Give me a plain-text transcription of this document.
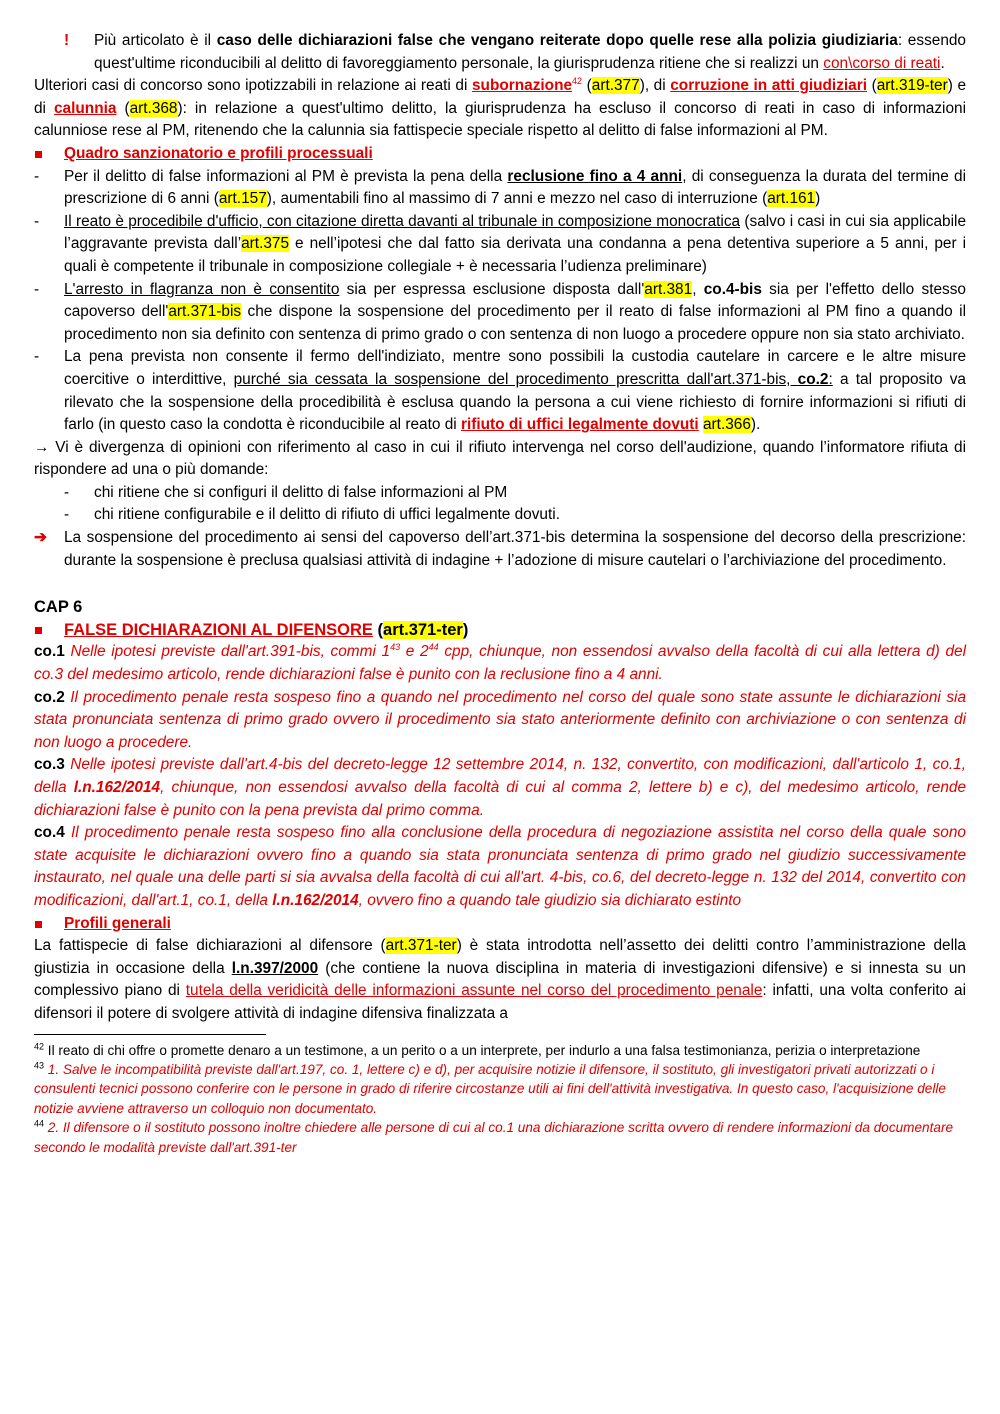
! Più articolato è il caso delle dichiarazioni false che vengano reiterate dopo quelle rese alla polizia giudiziaria: essendo quest'ultime riconducibili al delitto di favoreggiamento personale, la giurisprudenza ritiene che si realizzi un con\corso di reati.

Ulteriori casi di concorso sono ipotizzabili in relazione ai reati di subornazione$^{42}$ (art.377), di corruzione in atti giudiziari (art.319-ter) e di calunnia (art.368): in relazione a quest'ultimo delitto, la giurisprudenza ha escluso il concorso di reati in caso di informazioni calunniose rese al PM, ritenendo che la calunnia sia fattispecie speciale rispetto al delitto di false informazioni al PM.

Quadro sanzionatorio e profili processuali

- Per il delitto di false informazioni al PM è prevista la pena della reclusione fino a 4 anni, di conseguenza la durata del termine di prescrizione di 6 anni (art.157), aumentabili fino al massimo di 7 anni e mezzo nel caso di interruzione (art.161)

- Il reato è procedibile d'ufficio, con citazione diretta davanti al tribunale in composizione monocratica (salvo i casi in cui sia applicabile l’aggravante prevista dall’art.375 e nell’ipotesi che dal fatto sia derivata una condanna a pena detentiva superiore a 5 anni, per i quali è competente il tribunale in composizione collegiale + è necessaria l’udienza preliminare)

- L'arresto in flagranza non è consentito sia per espressa esclusione disposta dall'art.381, co.4-bis sia per l'effetto dello stesso capoverso dell'art.371-bis che dispone la sospensione del procedimento per il reato di false informazioni al PM fino a quando il procedimento non sia definito con sentenza di primo grado o con sentenza di non luogo a procedere oppure non sia stato archiviato.

- La pena prevista non consente il fermo dell'indiziato, mentre sono possibili la custodia cautelare in carcere e le altre misure coercitive o interdittive, purché sia cessata la sospensione del procedimento prescritta dall'art.371-bis, co.2: a tal proposito va rilevato che la sospensione della procedibilità è esclusa quando la persona a cui viene richiesto di fornire informazioni si rifiuti di farlo (in questo caso la condotta è riconducibile al reato di rifiuto di uffici legalmente dovuti art.366).

→ Vi è divergenza di opinioni con riferimento al caso in cui il rifiuto intervenga nel corso dell'audizione, quando l’informatore rifiuta di rispondere ad una o più domande:

- chi ritiene che si configuri il delitto di false informazioni al PM

- chi ritiene configurabile e il delitto di rifiuto di uffici legalmente dovuti.

➔ La sospensione del procedimento ai sensi del capoverso dell’art.371-bis determina la sospensione del decorso della prescrizione: durante la sospensione è preclusa qualsiasi attività di indagine + l’adozione di misure cautelari o l’archiviazione del procedimento.

CAP 6

FALSE DICHIARAZIONI AL DIFENSORE (art.371-ter)

co.1 Nelle ipotesi previste dall'art.391-bis, commi $1^{43}$ e $2^{44}$ cpp, chiunque, non essendosi avvalso della facoltà di cui alla lettera d) del co.3 del medesimo articolo, rende dichiarazioni false è punito con la reclusione fino a 4 anni.

co.2 Il procedimento penale resta sospeso fino a quando nel procedimento nel corso del quale sono state assunte le dichiarazioni sia stata pronunciata sentenza di primo grado ovvero il procedimento sia stato anteriormente definito con archiviazione o con sentenza di non luogo a procedere.

co.3 Nelle ipotesi previste dall'art.4-bis del decreto-legge 12 settembre 2014, n. 132, convertito, con modificazioni, dall'articolo 1, co.1, della l.n.162/2014, chiunque, non essendosi avvalso della facoltà di cui al comma 2, lettere b) e c), del medesimo articolo, rende dichiarazioni false è punito con la pena prevista dal primo comma.

co.4 Il procedimento penale resta sospeso fino alla conclusione della procedura di negoziazione assistita nel corso della quale sono state acquisite le dichiarazioni ovvero fino a quando sia stata pronunciata sentenza di primo grado nel giudizio successivamente instaurato, nel quale una delle parti si sia avvalsa della facoltà di cui all'art. 4-bis, co.6, del decreto-legge n. 132 del 2014, convertito con modificazioni, dall'art.1, co.1, della l.n.162/2014, ovvero fino a quando tale giudizio sia dichiarato estinto

Profili generali

La fattispecie di false dichiarazioni al difensore (art.371-ter) è stata introdotta nell’assetto dei delitti contro l’amministrazione della giustizia in occasione della l.n.397/2000 (che contiene la nuova disciplina in materia di investigazioni difensive) e si innesta su un complessivo piano di tutela della veridicità delle informazioni assunte nel corso del procedimento penale: infatti, una volta conferito ai difensori il potere di svolgere attività di indagine difensiva finalizzata a

$^{42}$ Il reato di chi offre o promette denaro a un testimone, a un perito o a un interprete, per indurlo a una falsa testimonianza, perizia o interpretazione

$^{43}$ 1. Salve le incompatibilità previste dall'art.197, co. 1, lettere c) e d), per acquisire notizie il difensore, il sostituto, gli investigatori privati autorizzati o i consulenti tecnici possono conferire con le persone in grado di riferire circostanze utili ai fini dell'attività investigativa. In questo caso, l'acquisizione delle notizie avviene attraverso un colloquio non documentato.

$^{44}$ 2. Il difensore o il sostituto possono inoltre chiedere alle persone di cui al co.1 una dichiarazione scritta ovvero di rendere informazioni da documentare secondo le modalità previste dall'art.391-ter
